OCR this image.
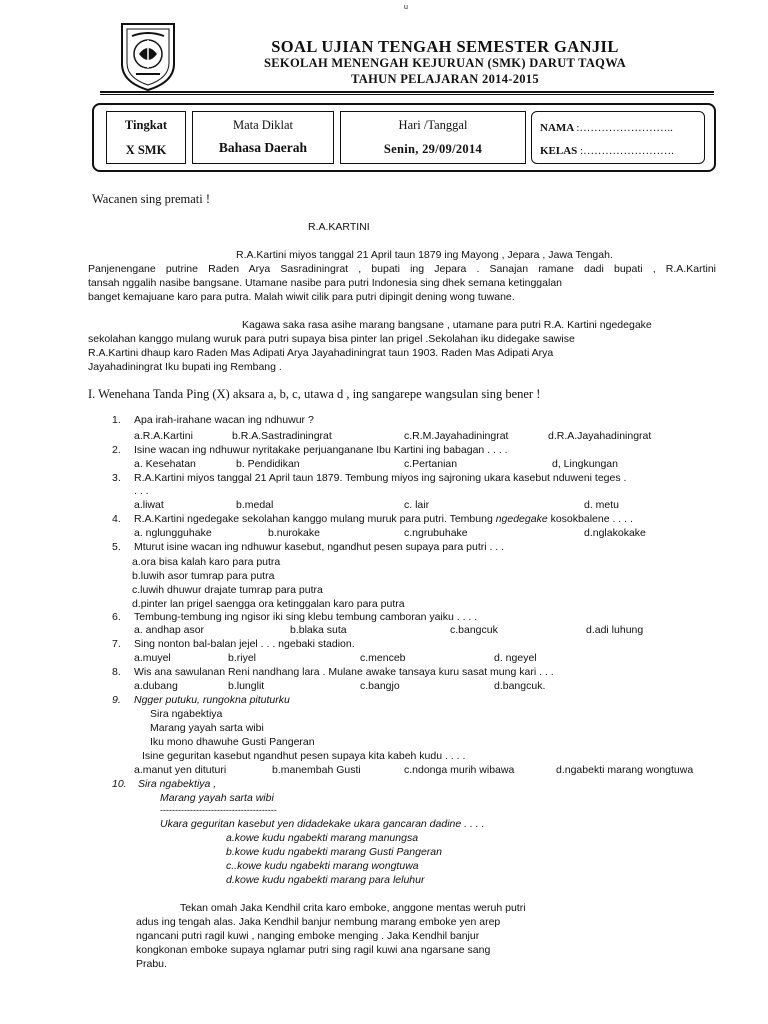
u
SOAL UJIAN TENGAH SEMESTER GANJIL
SEKOLAH MENENGAH KEJURUAN (SMK) DARUT TAQWA
TAHUN PELAJARAN 2014-2015
Tingkat
X SMK
Mata Diklat
Bahasa Daerah
Hari /Tanggal
Senin, 29/09/2014
NAMA :……………………..
KELAS :…………………….
Wacanen sing premati !
R.A.KARTINI
R.A.Kartini miyos tanggal 21 April taun 1879 ing Mayong , Jepara , Jawa Tengah.
Panjenengane putrine Raden Arya Sasradiningrat , bupati ing Jepara . Sanajan ramane dadi bupati , R.A.Kartini
tansah nggalih nasibe bangsane. Utamane nasibe para putri Indonesia sing dhek semana ketinggalan
banget kemajuane karo para putra. Malah wiwit cilik para putri dipingit dening wong tuwane.
Kagawa saka rasa asihe marang bangsane , utamane para putri R.A. Kartini ngedegake
sekolahan kanggo mulang wuruk para putri supaya bisa pinter lan prigel .Sekolahan iku didegake sawise
R.A.Kartini dhaup karo Raden Mas Adipati Arya Jayahadiningrat taun 1903. Raden Mas Adipati Arya
Jayahadiningrat Iku bupati ing Rembang .
I. Wenehana Tanda Ping (X) aksara a, b, c, utawa d , ing sangarepe wangsulan sing bener !
1. Apa irah-irahane wacan ing ndhuwur ?
a.R.A.Kartini	b.R.A.Sastradiningrat	c.R.M.Jayahadiningrat	d.R.A.Jayahadiningrat
2. Isine wacan ing ndhuwur nyritakake perjuanganane Ibu Kartini ing babagan . . . .
a. Kesehatan	b. Pendidikan	c.Pertanian	d, Lingkungan
3. R.A.Kartini miyos tanggal 21 April taun 1879. Tembung miyos ing sajroning ukara kasebut nduweni teges .
. . .
a.liwat	b.medal	c. lair	d. metu
4. R.A.Kartini ngedegake sekolahan kanggo mulang muruk para putri. Tembung ngedegake kosokbalene . . . .
a. nglungguhake	b.nurokake	c.ngrubuhake	d.nglakokake
5. Mturut isine wacan ing ndhuwur kasebut, ngandhut pesen supaya para putri . . .
a.ora bisa kalah karo para putra
b.luwih asor tumrap para putra
c.luwih dhuwur drajate tumrap para putra
d.pinter lan prigel saengga ora ketinggalan karo para putra
6. Tembung-tembung ing ngisor iki sing klebu tembung camboran yaiku . . . .
a. andhap asor	b.blaka suta	c.bangcuk	d.adi luhung
7. Sing nonton bal-balan jejel . . . ngebaki stadion.
a.muyel	b.riyel	c.menceb	d. ngeyel
8. Wis ana sawulanan Reni nandhang lara . Mulane awake tansaya kuru sasat mung kari . . .
a.dubang	b.lunglit	c.bangjo	d.bangcuk.
9. Ngger putuku, rungokna pituturku
Sira ngabektiya
Marang yayah sarta wibi
Iku mono dhawuhe Gusti Pangeran
Isine geguritan kasebut ngandhut pesen supaya kita kabeh kudu . . . .
a.manut yen dituturi	b.manembah Gusti	c.ndonga murih wibawa	d.ngabekti marang wongtuwa
10. Sira ngabektiya ,
Marang yayah sarta wibi
---------------------------------------
Ukara geguritan kasebut yen didadekake ukara gancaran dadine . . . .
a.kowe kudu ngabekti marang manungsa
b.kowe kudu ngabekti marang Gusti Pangeran
c..kowe kudu ngabekti marang wongtuwa
d.kowe kudu ngabekti marang para leluhur
Tekan omah Jaka Kendhil crita karo emboke, anggone mentas weruh putri
adus ing tengah alas. Jaka Kendhil banjur nembung marang emboke yen arep
ngancani putri ragil kuwi , nanging emboke menging . Jaka Kendhil banjur
kongkonan emboke supaya nglamar putri sing ragil kuwi ana ngarsane sang
Prabu.
